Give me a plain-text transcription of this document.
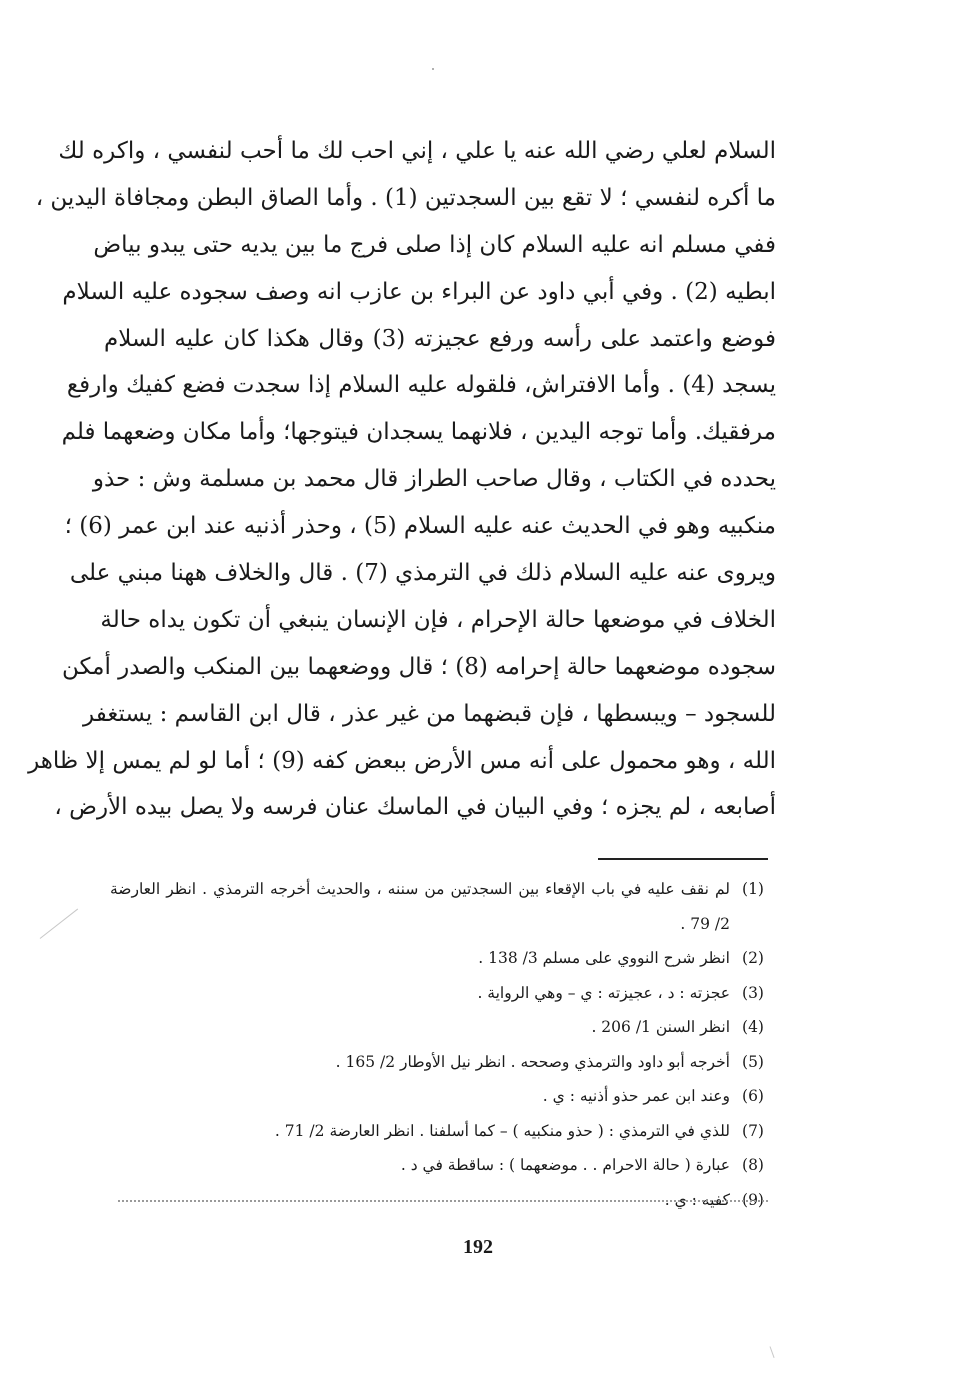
السلام لعلي رضي الله عنه يا علي ، إني احب لك ما أحب لنفسي ، واكره لك
ما أكره لنفسي ؛ لا تقع بين السجدتين (1) . وأما الصاق البطن ومجافاة اليدين ،
ففي مسلم انه عليه السلام كان إذا صلى فرج ما بين يديه حتى يبدو بياض
ابطيه (2) . وفي أبي داود عن البراء بن عازب انه وصف سجوده عليه السلام
فوضع واعتمد على رأسه ورفع عجيزته (3) وقال هكذا كان عليه السلام
يسجد (4) . وأما الافتراش، فلقوله عليه السلام إذا سجدت فضع كفيك وارفع
مرفقيك. وأما توجه اليدين ، فلانهما يسجدان فيتوجها؛ وأما مكان وضعهما فلم
يحدده في الكتاب ، وقال صاحب الطراز قال محمد بن مسلمة وش : حذو
منكبيه وهو في الحديث عنه عليه السلام (5) ، وحذر أذنيه عند ابن عمر (6) ؛
ويروى عنه عليه السلام ذلك في الترمذي (7) . قال والخلاف ههنا مبني على
الخلاف في موضعها حالة الإحرام ، فإن الإنسان ينبغي أن تكون يداه حالة
سجوده موضعهما حالة إحرامه (8) ؛ قال ووضعهما بين المنكب والصدر أمكن
للسجود – ويبسطها ، فإن قبضهما من غير عذر ، قال ابن القاسم : يستغفر
الله ، وهو محمول على أنه مس الأرض ببعض كفه (9) ؛ أما لو لم يمس إلا ظاهر
أصابعه ، لم يجزه ؛ وفي البيان في الماسك عنان فرسه ولا يصل بيده الأرض ،
(1)
لم نقف عليه في باب الإقعاء بين السجدتين من سننه ، والحديث أخرجه الترمذي . انظر العارضة 2/ 79 .
(2)
انظر شرح النووي على مسلم 3/ 138 .
(3)
عجزته : د ، عجيزته : ي – وهي الرواية .
(4)
انظر السنن 1/ 206 .
(5)
أخرجه أبو داود والترمذي وصححه . انظر نيل الأوطار 2/ 165 .
(6)
وعند ابن عمر حذو أذنيه : ي .
(7)
للذي في الترمذي : ( حذو منكبيه ) – كما أسلفنا . انظر العارضة 2/ 71 .
(8)
عبارة ( حالة الاحرام . . موضعهما ) : ساقطة في د .
(9)
كفيه : ي .
192
